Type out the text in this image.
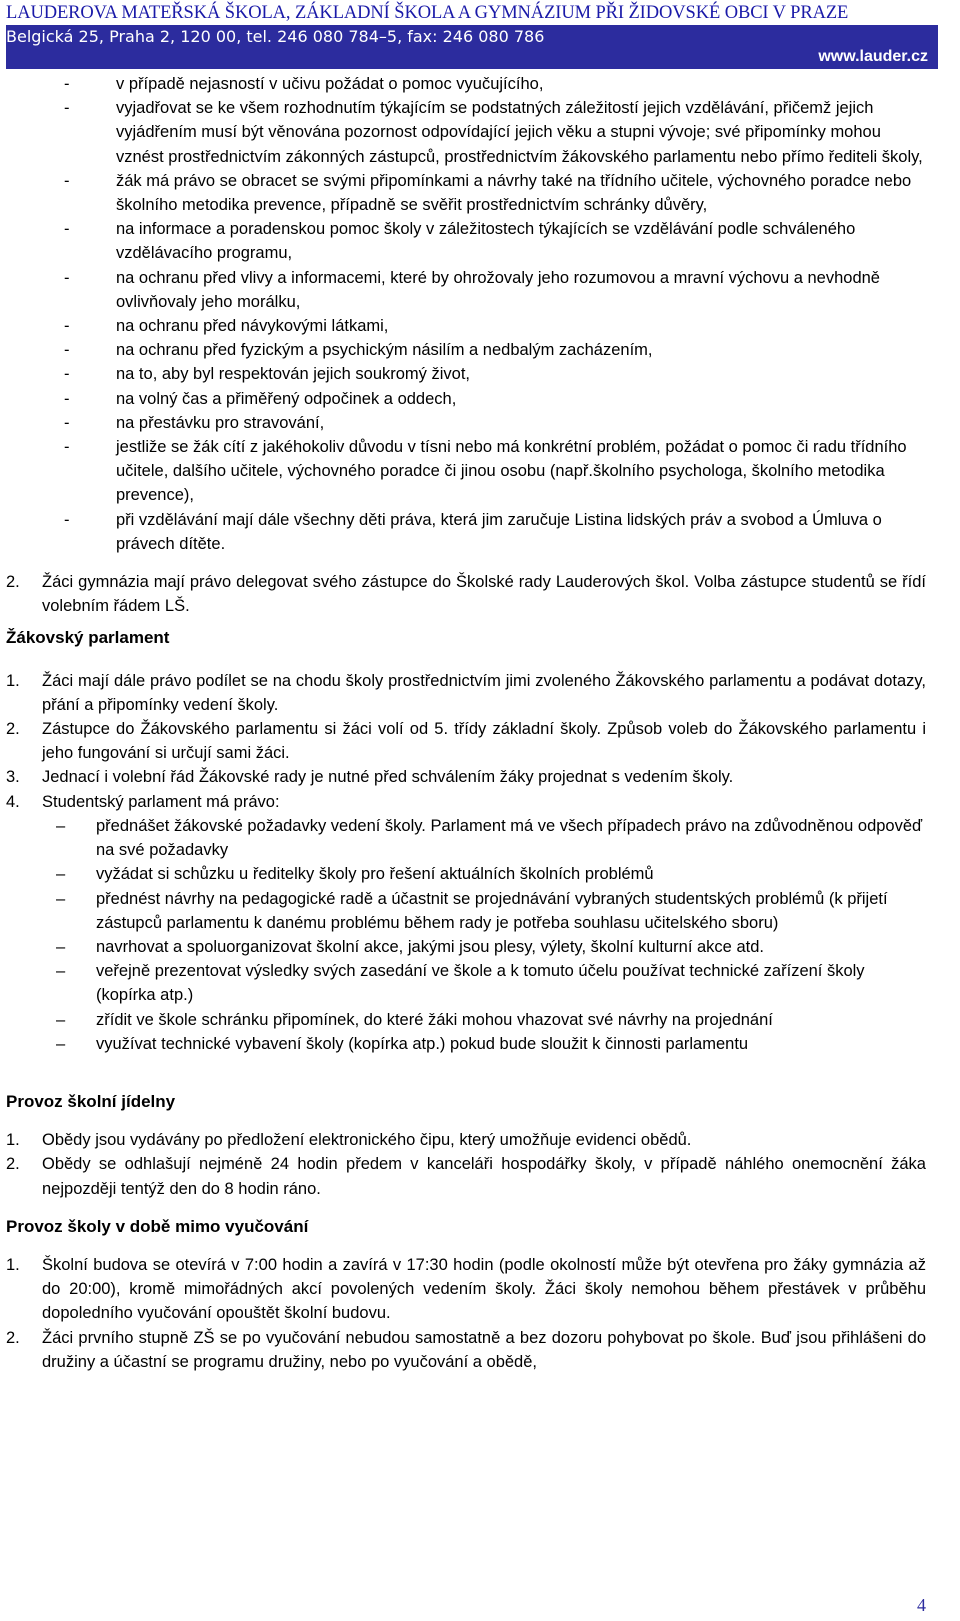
LAUDEROVA MATEŘSKÁ ŠKOLA, ZÁKLADNÍ ŠKOLA A GYMNÁZIUM PŘI ŽIDOVSKÉ OBCI V PRAZE
Belgická 25, Praha 2, 120 00, tel. 246 080 784–5, fax: 246 080 786
www.lauder.cz
-	v případě nejasností v učivu požádat o pomoc vyučujícího,
-	vyjadřovat se ke všem rozhodnutím týkajícím se podstatných záležitostí jejich vzdělávání, přičemž jejich vyjádřením musí být věnována pozornost odpovídající jejich věku a stupni vývoje; své připomínky mohou vznést prostřednictvím zákonných zástupců, prostřednictvím žákovského parlamentu nebo přímo řediteli školy,
-	žák má právo se obracet se svými připomínkami a návrhy také na třídního učitele, výchovného poradce nebo školního metodika prevence, případně se svěřit prostřednictvím schránky důvěry,
-	na informace a poradenskou pomoc školy v záležitostech týkajících se vzdělávání podle schváleného vzdělávacího programu,
-	na ochranu před vlivy a informacemi, které by ohrožovaly jeho rozumovou a mravní výchovu a nevhodně ovlivňovaly jeho morálku,
-	na ochranu před návykovými látkami,
-	na ochranu před fyzickým a psychickým násilím a nedbalým zacházením,
-	na to, aby byl respektován jejich soukromý život,
-	na volný čas a přiměřený odpočinek a oddech,
-	na přestávku pro stravování,
-	jestliže se žák cítí z jakéhokoliv důvodu v tísni nebo má konkrétní problém, požádat o pomoc či radu třídního učitele, dalšího učitele, výchovného poradce či jinou osobu (např.školního psychologa, školního metodika prevence),
-	při vzdělávání mají dále všechny děti práva, která jim zaručuje Listina lidských práv a svobod a Úmluva o právech dítěte.
2. Žáci gymnázia mají právo delegovat svého zástupce do Školské rady Lauderových škol. Volba zástupce studentů se řídí volebním řádem LŠ.
Žákovský parlament
1. Žáci mají dále právo podílet se na chodu školy prostřednictvím jimi zvoleného Žákovského parlamentu a podávat dotazy, přání a připomínky vedení školy.
2. Zástupce do Žákovského parlamentu si žáci volí od 5. třídy základní školy. Způsob voleb do Žákovského parlamentu i jeho fungování si určují sami žáci.
3. Jednací i volební řád Žákovské rady je nutné před schválením žáky projednat s vedením školy.
4. Studentský parlament má právo:
– přednášet žákovské požadavky vedení školy. Parlament má ve všech případech právo na zdůvodněnou odpověď na své požadavky
– vyžádat si schůzku u ředitelky školy pro řešení aktuálních školních problémů
– přednést návrhy na pedagogické radě a účastnit se projednávání vybraných studentských problémů (k přijetí zástupců parlamentu k danému problému během rady je potřeba souhlasu učitelského sboru)
– navrhovat a spoluorganizovat školní akce, jakými jsou plesy, výlety, školní kulturní akce atd.
– veřejně prezentovat výsledky svých zasedání ve škole a k tomuto účelu používat technické zařízení školy (kopírka atp.)
– zřídit ve škole schránku připomínek, do které žáki mohou vhazovat své návrhy na projednání
– využívat technické vybavení školy (kopírka atp.) pokud bude sloužit k činnosti parlamentu
Provoz školní jídelny
1. Obědy jsou vydávány po předložení elektronického čipu, který umožňuje evidenci obědů.
2. Obědy se odhlašují nejméně 24 hodin předem v kanceláři hospodářky školy, v případě náhlého onemocnění žáka nejpozději tentýž den do 8 hodin ráno.
Provoz školy v době mimo vyučování
1. Školní budova se otevírá v 7:00 hodin a zavírá v 17:30 hodin (podle okolností může být otevřena pro žáky gymnázia až do 20:00), kromě mimořádných akcí povolených vedením školy. Žáci školy nemohou během přestávek v průběhu dopoledního vyučování opouštět školní budovu.
2. Žáci prvního stupně ZŠ se po vyučování nebudou samostatně a bez dozoru pohybovat po škole. Buď jsou přihlášeni do družiny a účastní se programu družiny, nebo po vyučování a obědě,
4
